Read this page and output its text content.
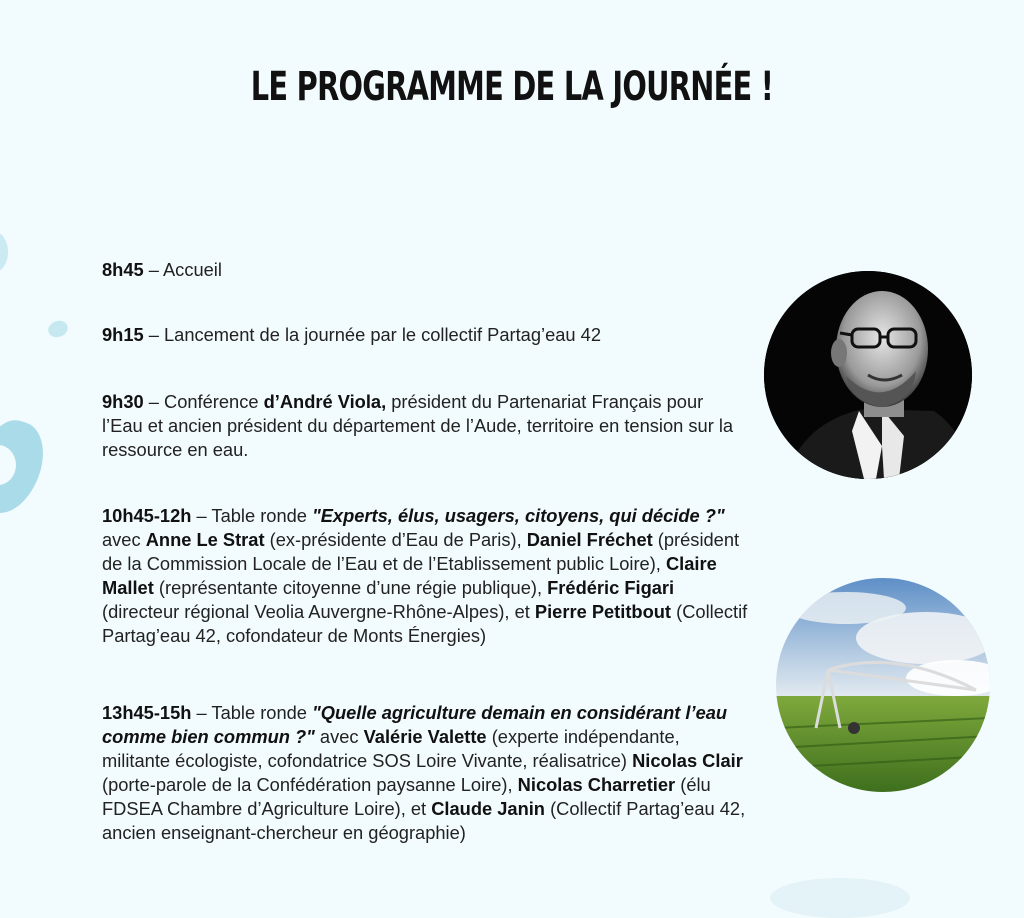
LE PROGRAMME DE LA JOURNÉE !
8h45 – Accueil
9h15 – Lancement de la journée par le collectif Partag’eau 42
9h30 – Conférence d’André Viola, président du Partenariat Français pour l’Eau et ancien président du département de l’Aude, territoire en tension sur la ressource en eau.
10h45-12h – Table ronde "Experts, élus, usagers, citoyens, qui décide ?" avec Anne Le Strat (ex-présidente d’Eau de Paris), Daniel Fréchet (président de la Commission Locale de l’Eau et de l’Etablissement public Loire), Claire Mallet (représentante citoyenne d’une régie publique), Frédéric Figari (directeur régional Veolia Auvergne-Rhône-Alpes), et Pierre Petitbout (Collectif Partag’eau 42, cofondateur de Monts Énergies)
13h45-15h – Table ronde "Quelle agriculture demain en considérant l’eau comme bien commun ?" avec Valérie Valette (experte indépendante, militante écologiste, cofondatrice SOS Loire Vivante, réalisatrice) Nicolas Clair (porte-parole de la Confédération paysanne Loire), Nicolas Charretier (élu FDSEA Chambre d’Agriculture Loire), et Claude Janin (Collectif Partag’eau 42, ancien enseignant-chercheur en géographie)
